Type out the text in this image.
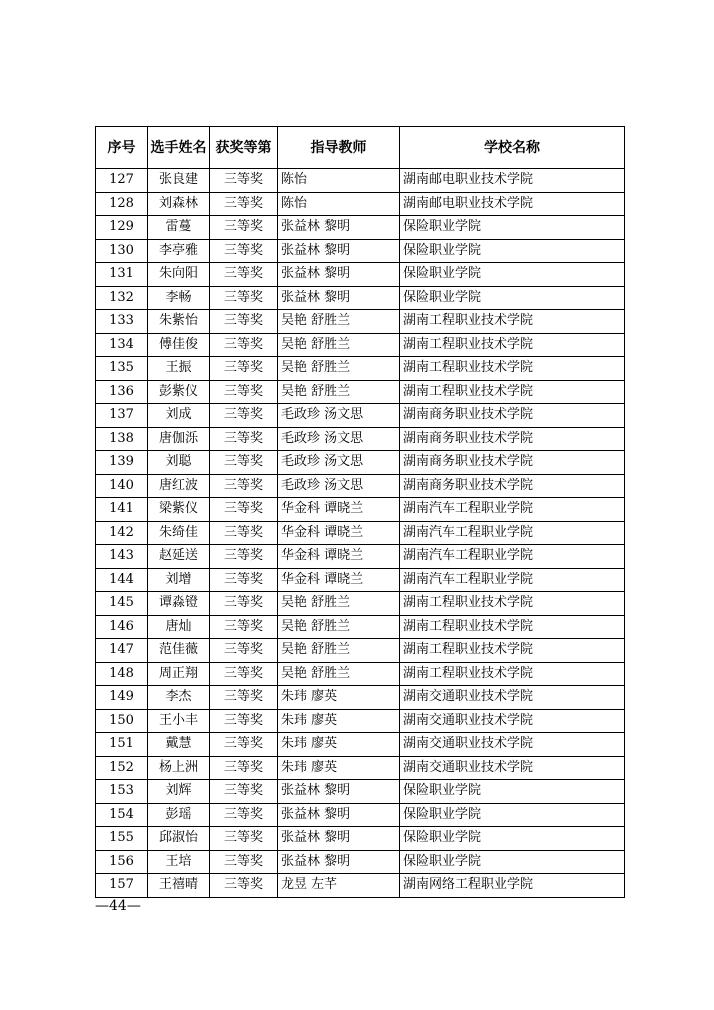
序号	选手姓名	获奖等第	指导教师	学校名称
127	张良建	三等奖	陈怡	湖南邮电职业技术学院
128	刘森林	三等奖	陈怡	湖南邮电职业技术学院
129	雷蔓	三等奖	张益林 黎明	保险职业学院
130	李亭雅	三等奖	张益林 黎明	保险职业学院
131	朱向阳	三等奖	张益林 黎明	保险职业学院
132	李畅	三等奖	张益林 黎明	保险职业学院
133	朱紫怡	三等奖	吴艳 舒胜兰	湖南工程职业技术学院
134	傅佳俊	三等奖	吴艳 舒胜兰	湖南工程职业技术学院
135	王振	三等奖	吴艳 舒胜兰	湖南工程职业技术学院
136	彭紫仪	三等奖	吴艳 舒胜兰	湖南工程职业技术学院
137	刘成	三等奖	毛政珍 汤文思	湖南商务职业技术学院
138	唐伽泺	三等奖	毛政珍 汤文思	湖南商务职业技术学院
139	刘聪	三等奖	毛政珍 汤文思	湖南商务职业技术学院
140	唐红波	三等奖	毛政珍 汤文思	湖南商务职业技术学院
141	梁紫仪	三等奖	华金科 谭晓兰	湖南汽车工程职业学院
142	朱绮佳	三等奖	华金科 谭晓兰	湖南汽车工程职业学院
143	赵延送	三等奖	华金科 谭晓兰	湖南汽车工程职业学院
144	刘增	三等奖	华金科 谭晓兰	湖南汽车工程职业学院
145	谭淼镫	三等奖	吴艳 舒胜兰	湖南工程职业技术学院
146	唐灿	三等奖	吴艳 舒胜兰	湖南工程职业技术学院
147	范佳薇	三等奖	吴艳 舒胜兰	湖南工程职业技术学院
148	周正翔	三等奖	吴艳 舒胜兰	湖南工程职业技术学院
149	李杰	三等奖	朱玮 廖英	湖南交通职业技术学院
150	王小丰	三等奖	朱玮 廖英	湖南交通职业技术学院
151	戴慧	三等奖	朱玮 廖英	湖南交通职业技术学院
152	杨上洲	三等奖	朱玮 廖英	湖南交通职业技术学院
153	刘辉	三等奖	张益林 黎明	保险职业学院
154	彭瑶	三等奖	张益林 黎明	保险职业学院
155	邱淑怡	三等奖	张益林 黎明	保险职业学院
156	王培	三等奖	张益林 黎明	保险职业学院
157	王禧晴	三等奖	龙昱 左芊	湖南网络工程职业学院
—44—
